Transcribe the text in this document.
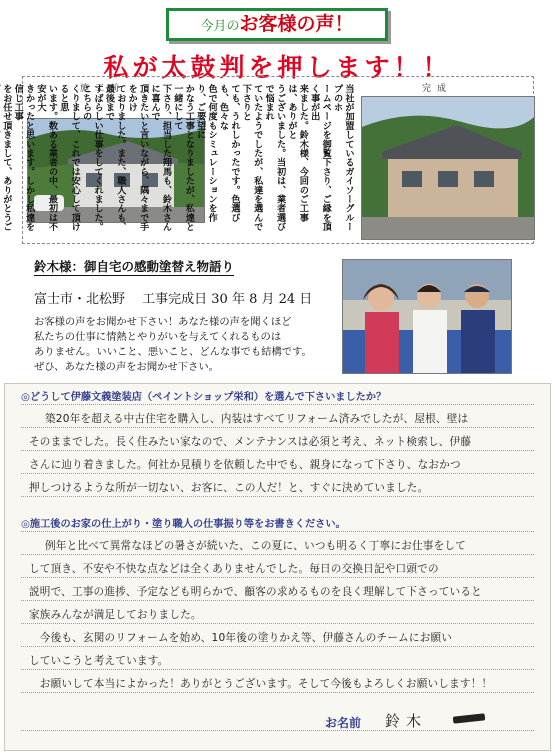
今月のお客様の声！
私が太鼓判を押します！！
施工前	完成
当社が加盟しているガイソーグループのホ
ームページを御覧下さり、ご縁を頂く事が出
来ました。鈴木様、今回のご工事は、ありがと
うございました。当初は、業者選びで悩まれ
ていたようでしたが、私達を選んで下さりと
ても、うれしかったです。色選びも、色々な
色で何度もシミュレーションを作り、ご要望に
かなう工事となりましたが、私達と一緒にして
下さり、担当した翔馬も、鈴木さんに喜んで
頂きたいと言いながら、隅々まで手をかけ
ておりました。また、職人さんも、最後まで
すばらしい仕事をしてくれました。こちらの
くりまして、これでは安心して頂けると思
います。数ある業者の中、最初は不安が大
きかったと思います。しかし私達を信じ工事
をお任せ頂きまして、ありがとうご
鈴木様：御自宅の感動塗替え物語り
富士市・北松野　 工事完成日 30 年 8 月 24 日
お客様の声をお聞かせ下さい！あなた様の声を聞くほど
私たちの仕事に情熱とやりがいを与えてくれるものは
ありません。いいこと、悪いこと、どんな事でも結構です。
ぜひ、あなた様の声をお聞かせ下さい。
◎どうして伊藤文義塗装店（ペイントショップ栄和）を選んで下さいましたか？
築20年を超える中古住宅を購入し、内装はすべてリフォーム済みでしたが、屋根、壁は
そのままでした。長く住みたい家なので、メンテナンスは必須と考え、ネット検索し、伊藤
さんに辿り着きました。何社か見積りを依頼した中でも、親身になって下さり、なおかつ
押しつけるような所が一切ない、お客に、この人だ！と、すぐに決めていました。
◎施工後のお家の仕上がり・塗り職人の仕事振り等をお書きください。
例年と比べて異常なほどの暑さが続いた、この夏に、いつも明るく丁寧にお仕事をして
して頂き、不安や不快な点などは全くありませんでした。毎日の交換日記や口頭での
説明で、工事の進捗、予定なども明らかで、顧客の求めるものを良く理解して下さっていると
家族みんなが満足しておりました。
　今後も、玄関のリフォームを始め、10年後の塗りかえ等、伊藤さんのチームにお願い
していこうと考えています。
　お願いして本当によかった！ありがとうございます。そして今後もよろしくお願いします！！
お名前 鈴木
